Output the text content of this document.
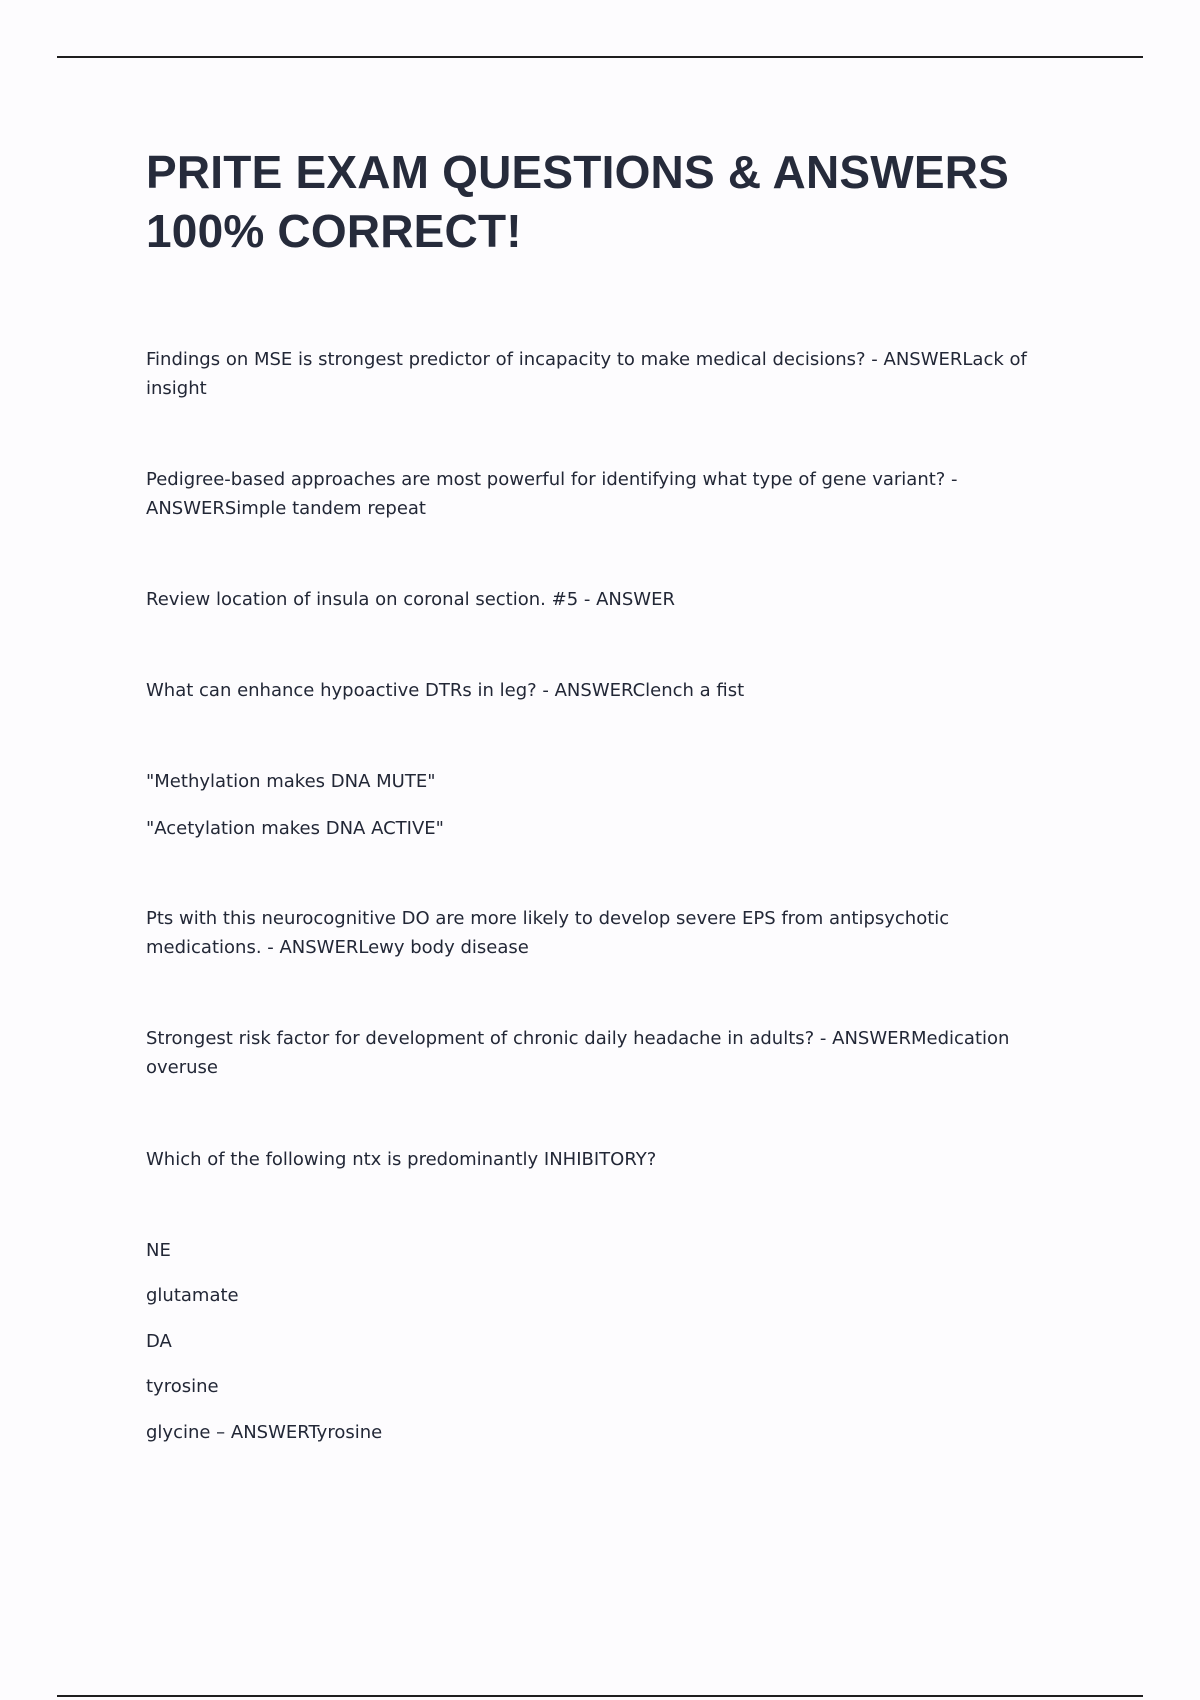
PRITE EXAM QUESTIONS & ANSWERS
100% CORRECT!

Findings on MSE is strongest predictor of incapacity to make medical decisions? - ANSWERLack of insight

Pedigree-based approaches are most powerful for identifying what type of gene variant? - ANSWERSimple tandem repeat

Review location of insula on coronal section. #5 - ANSWER

What can enhance hypoactive DTRs in leg? - ANSWERClench a fist

"Methylation makes DNA MUTE"

"Acetylation makes DNA ACTIVE"

Pts with this neurocognitive DO are more likely to develop severe EPS from antipsychotic medications. - ANSWERLewy body disease

Strongest risk factor for development of chronic daily headache in adults? - ANSWERMedication overuse

Which of the following ntx is predominantly INHIBITORY?

NE

glutamate

DA

tyrosine

glycine – ANSWERTyrosine
